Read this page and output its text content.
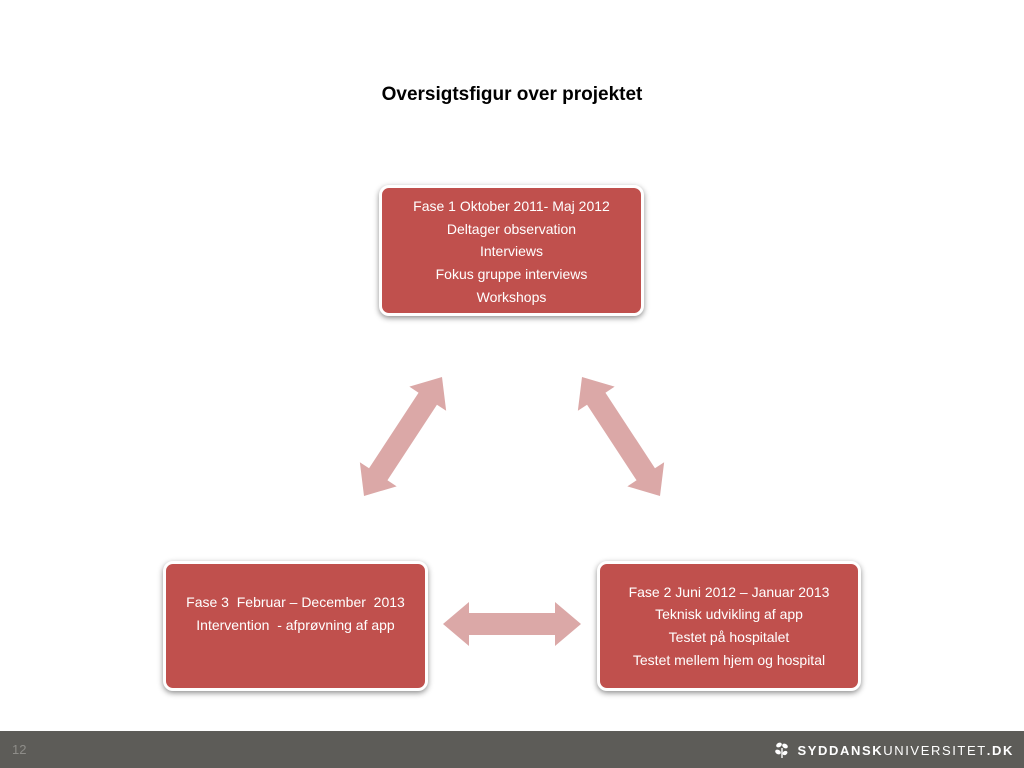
Oversigtsfigur over projektet
Fase 1 Oktober 2011- Maj 2012
Deltager observation
Interviews
Fokus gruppe interviews
Workshops
Fase 2 Juni 2012 – Januar 2013
Teknisk udvikling af app
Testet på hospitalet
Testet mellem hjem og hospital
Fase 3  Februar – December  2013
Intervention  - afprøvning af app
12	SYDDANSK UNIVERSITET .DK
